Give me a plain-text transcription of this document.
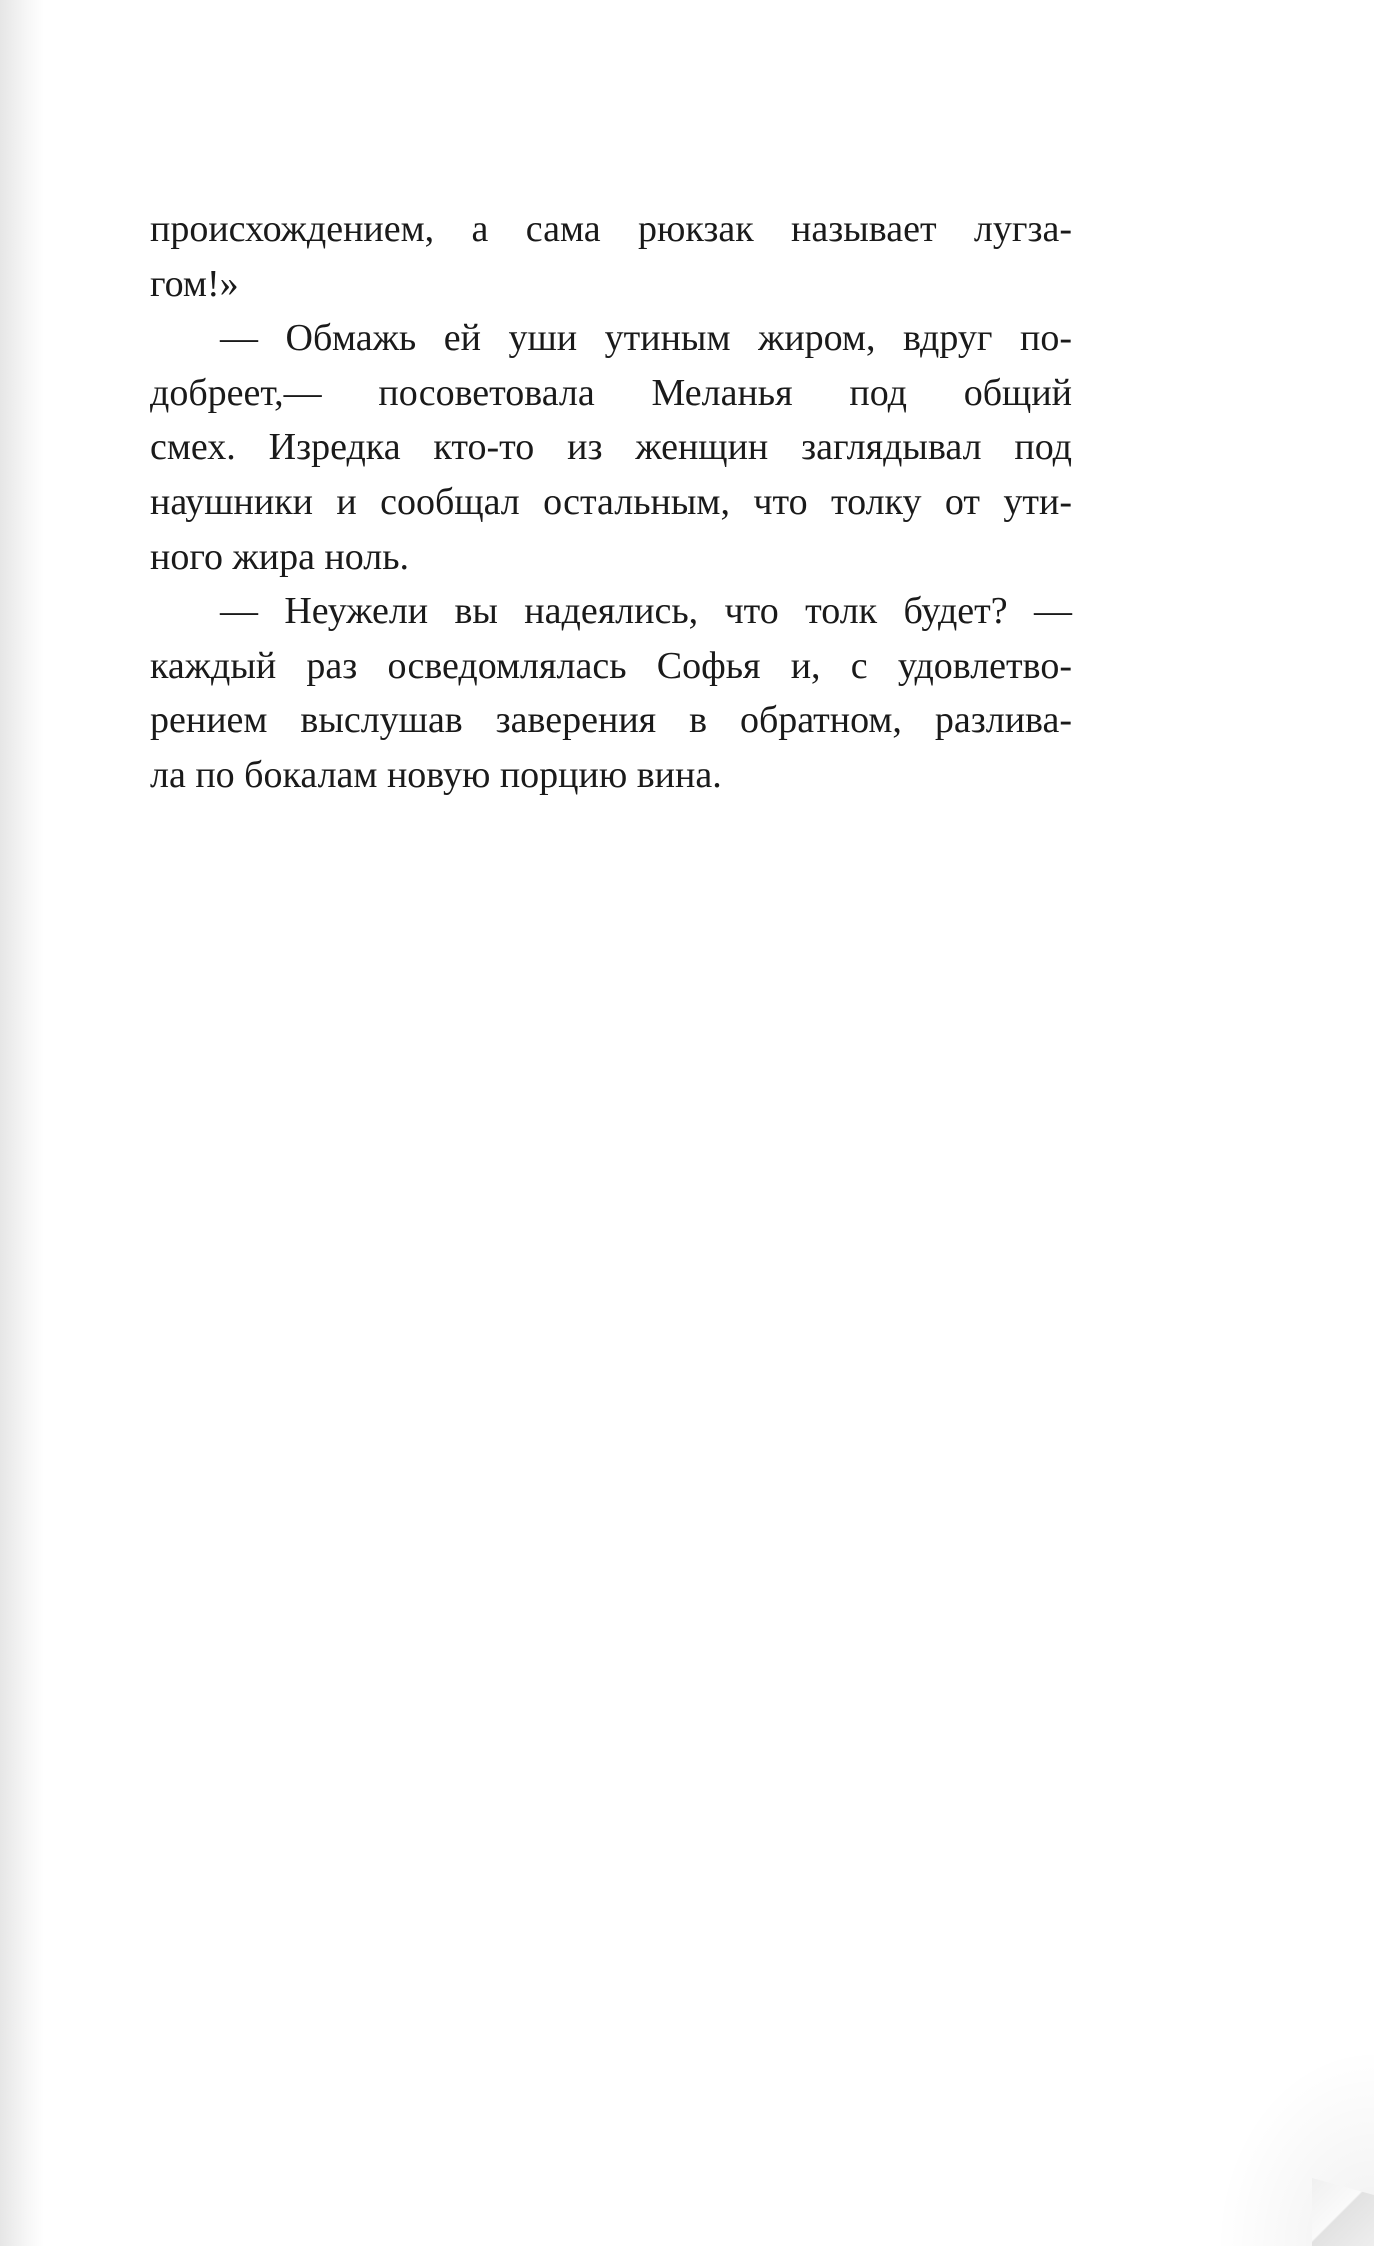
происхождением, а сама рюкзак называет лугза-
гом!»
— Обмажь ей уши утиным жиром, вдруг по-
добреет,— посоветовала Меланья под общий
смех. Изредка кто-то из женщин заглядывал под
наушники и сообщал остальным, что толку от ути-
ного жира ноль.
— Неужели вы надеялись, что толк будет? —
каждый раз осведомлялась Софья и, с удовлетво-
рением выслушав заверения в обратном, разлива-
ла по бокалам новую порцию вина.
